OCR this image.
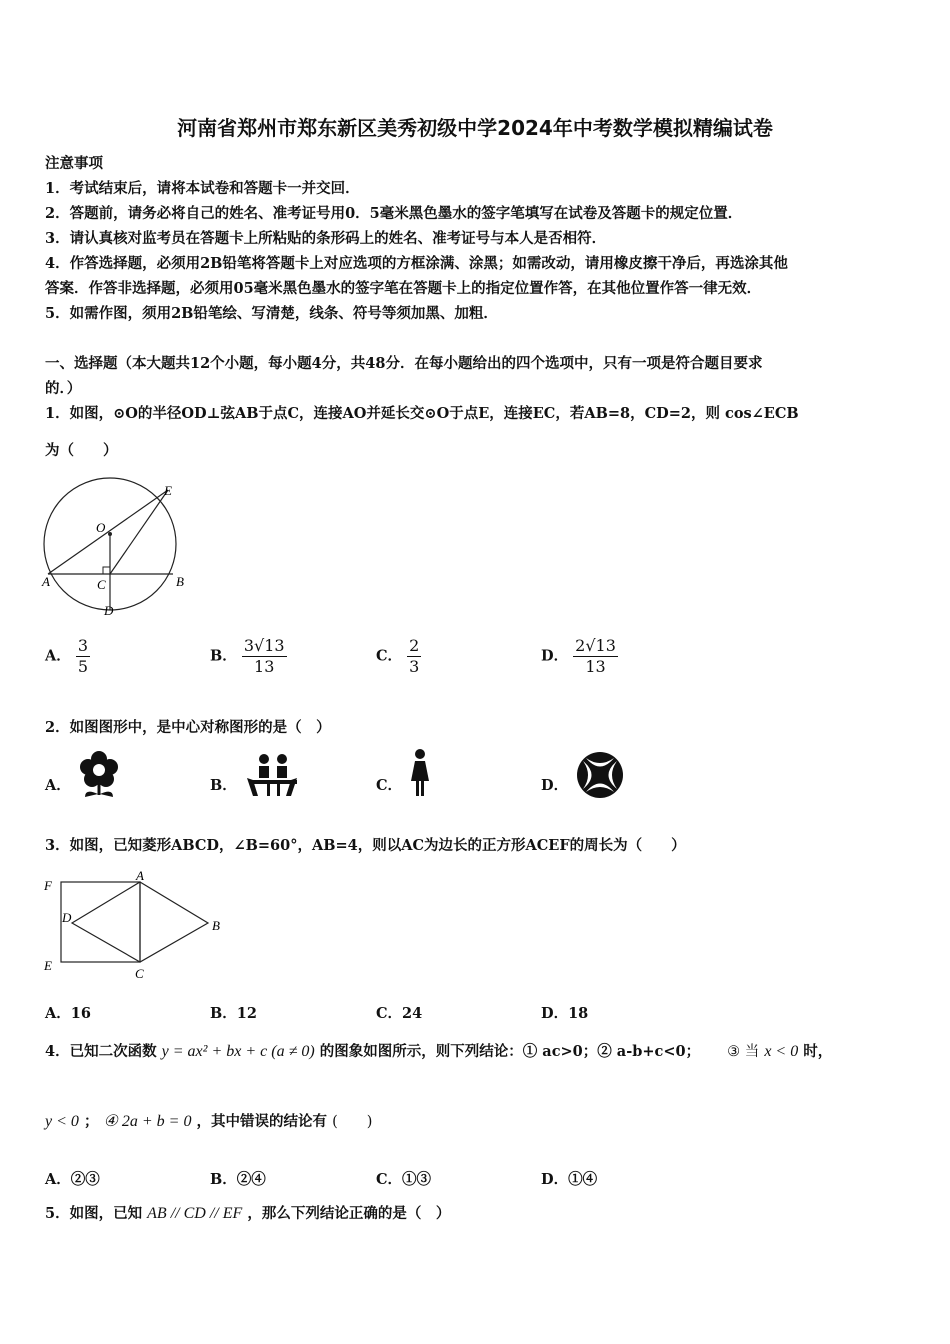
河南省郑州市郑东新区美秀初级中学2024年中考数学模拟精编试卷
注意事项
1．考试结束后，请将本试卷和答题卡一并交回．
2．答题前，请务必将自己的姓名、准考证号用0．5毫米黑色墨水的签字笔填写在试卷及答题卡的规定位置．
3．请认真核对监考员在答题卡上所粘贴的条形码上的姓名、准考证号与本人是否相符．
4．作答选择题，必须用2B铅笔将答题卡上对应选项的方框涂满、涂黑；如需改动，请用橡皮擦干净后，再选涂其他
答案．作答非选择题，必须用05毫米黑色墨水的签字笔在答题卡上的指定位置作答，在其他位置作答一律无效．
5．如需作图，须用2B铅笔绘、写清楚，线条、符号等须加黑、加粗．
一、选择题（本大题共12个小题，每小题4分，共48分．在每小题给出的四个选项中，只有一项是符合题目要求
的．）
1．如图，⊙O的半径OD⊥弦AB于点C，连接AO并延长交⊙O于点E，连接EC，若AB=8，CD=2，则 cos∠ECB
为（　　）
A	B
C
D
E
O
A． $\frac{3}{5}$	B． $\frac{3√13}{13}$	C． $\frac{2}{3}$	D． $\frac{2√13}{13}$
2．如图图形中，是中心对称图形的是（　）
A．	B．	C．	D．
3．如图，已知菱形ABCD，∠B=60°，AB=4，则以AC为边长的正方形ACEF的周长为（　　）
F
A
B
C
D
E
A．16	B．12	C．24	D．18
4．已知二次函数 y = ax² + bx + c (a ≠ 0) 的图象如图所示，则下列结论：① ac>0；② a-b+c<0； ③ 当 x < 0 时，
y < 0 ； ④ 2a + b = 0 ，其中错误的结论有 (　　)
A．②③	B．②④	C．①③	D．①④
5．如图，已知 AB // CD // EF ，那么下列结论正确的是（　）
